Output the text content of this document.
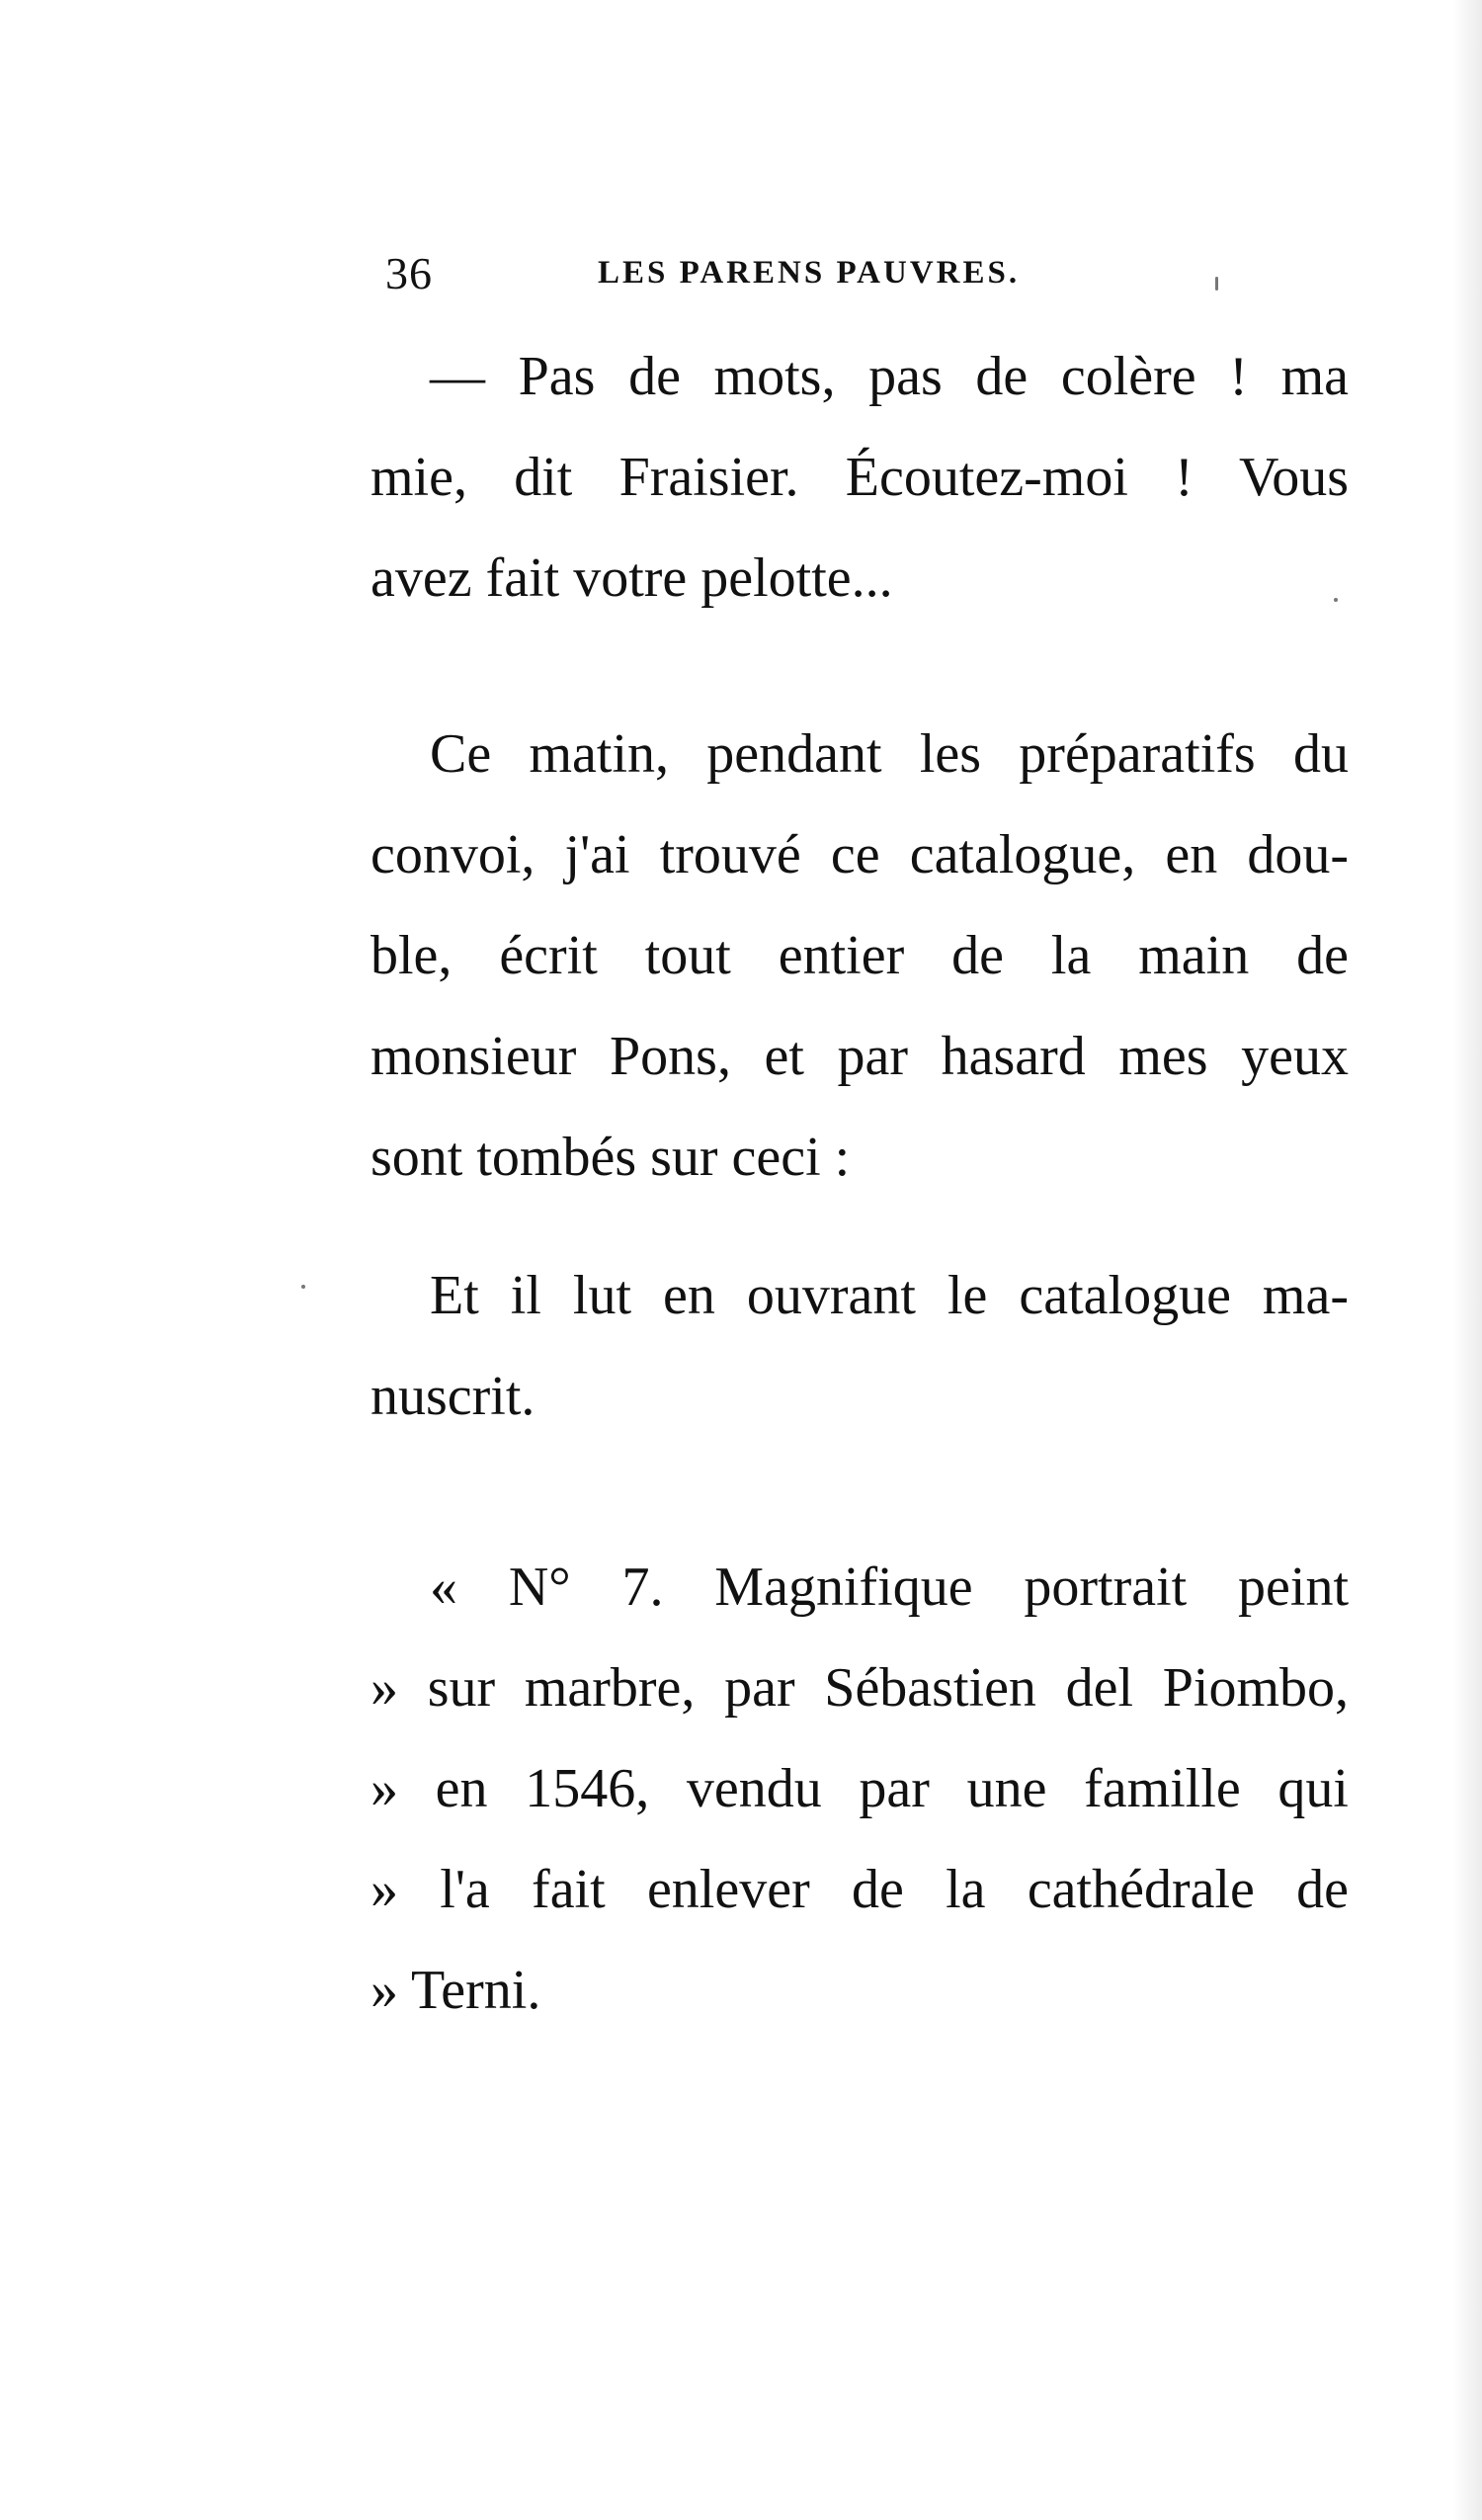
36	LES PARENS PAUVRES.
— Pas de mots, pas de colère ! ma
mie, dit Fraisier. Écoutez-moi ! Vous
avez fait votre pelotte...
Ce matin, pendant les préparatifs du
convoi, j'ai trouvé ce catalogue, en dou-
ble, écrit tout entier de la main de
monsieur Pons, et par hasard mes yeux
sont tombés sur ceci :
Et il lut en ouvrant le catalogue ma-
nuscrit.
« N° 7. Magnifique portrait peint
» sur marbre, par Sébastien del Piombo,
» en 1546, vendu par une famille qui
» l'a fait enlever de la cathédrale de
» Terni.
